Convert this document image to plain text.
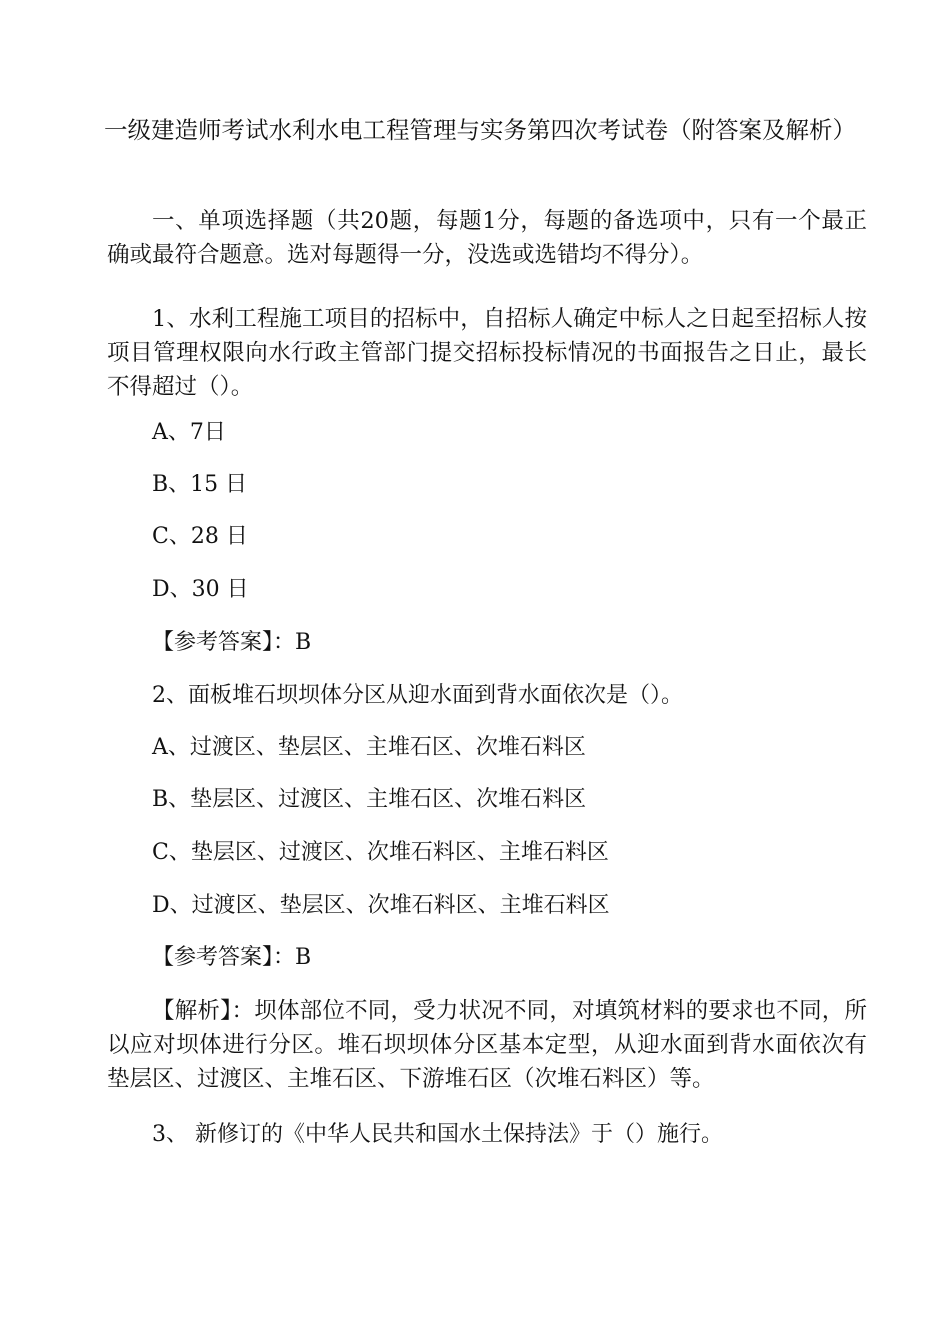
一级建造师考试水利水电工程管理与实务第四次考试卷（附答案及解析）

一、单项选择题（共20题，每题1分，每题的备选项中，只有一个最正确或最符合题意。选对每题得一分，没选或选错均不得分）。

1、水利工程施工项目的招标中，自招标人确定中标人之日起至招标人按项目管理权限向水行政主管部门提交招标投标情况的书面报告之日止，最长不得超过（）。

A、7日

B、15 日

C、28 日

D、30 日

【参考答案】：B

2、面板堆石坝坝体分区从迎水面到背水面依次是（）。

A、过渡区、垫层区、主堆石区、次堆石料区

B、垫层区、过渡区、主堆石区、次堆石料区

C、垫层区、过渡区、次堆石料区、主堆石料区

D、过渡区、垫层区、次堆石料区、主堆石料区

【参考答案】：B

【解析】：坝体部位不同，受力状况不同，对填筑材料的要求也不同，所以应对坝体进行分区。堆石坝坝体分区基本定型，从迎水面到背水面依次有垫层区、过渡区、主堆石区、下游堆石区（次堆石料区）等。

3、 新修订的《中华人民共和国水土保持法》于（）施行。
